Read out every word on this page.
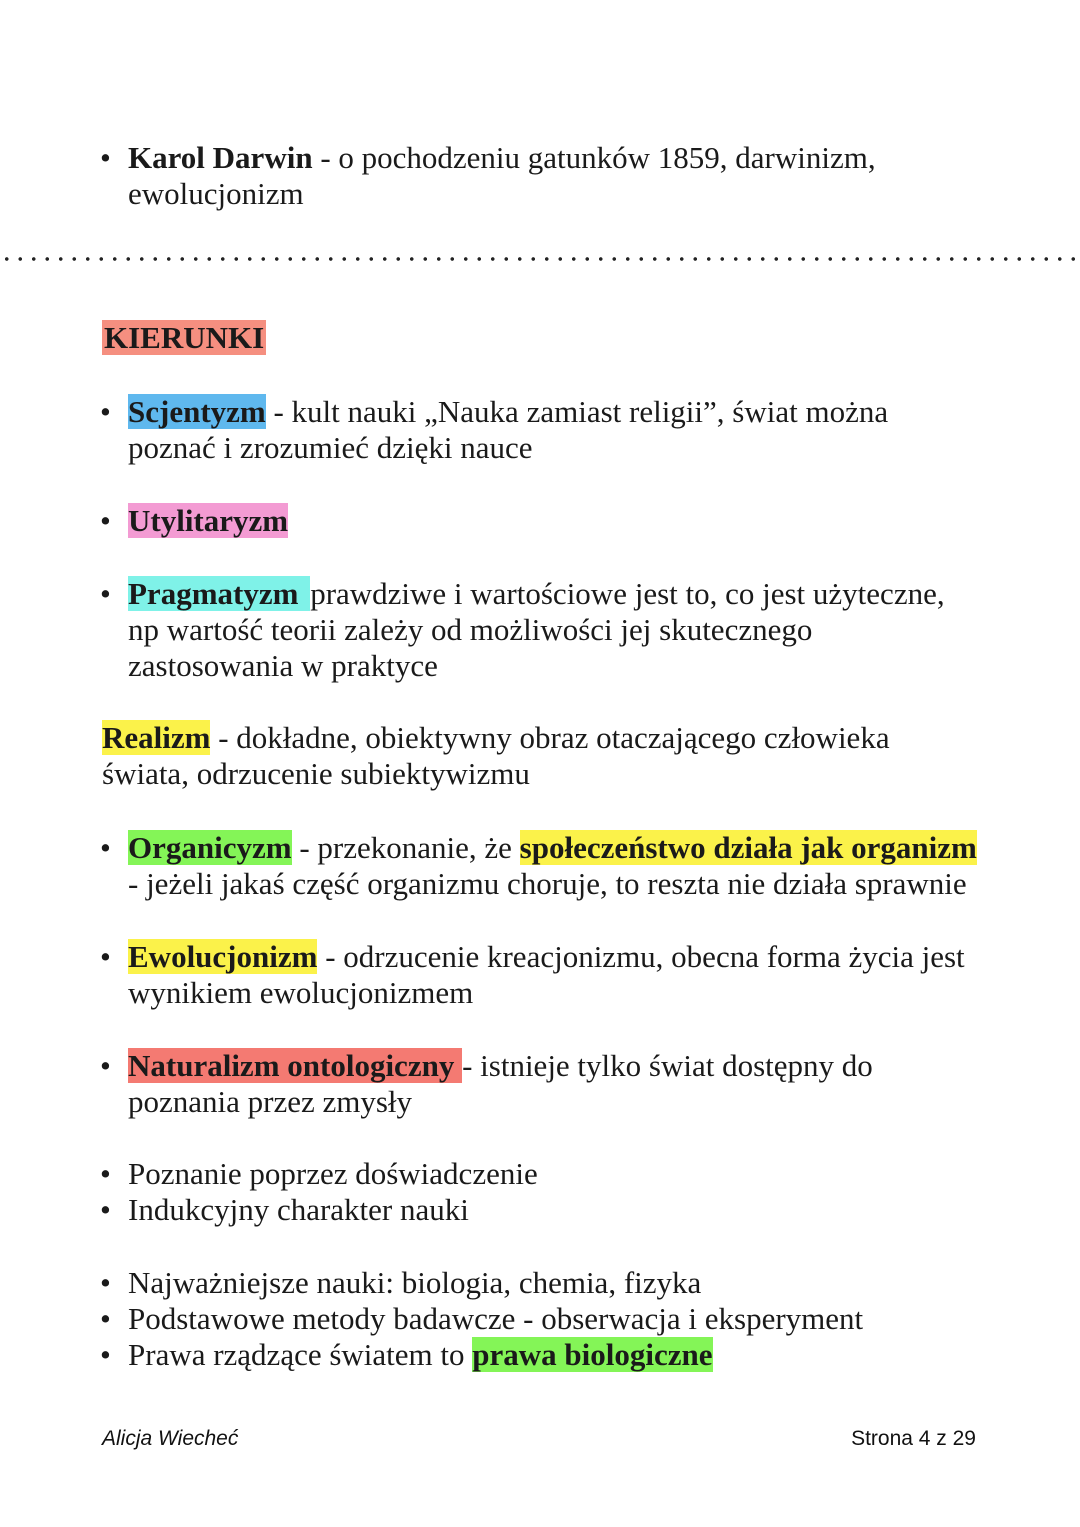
• Karol Darwin - o pochodzeniu gatunków 1859, darwinizm,
ewolucjonizm

KIERUNKI
• Scjentyzm - kult nauki „Nauka zamiast religii”, świat można
poznać i zrozumieć dzięki nauce

• Utylitaryzm

• Pragmatyzm prawdziwe i wartościowe jest to, co jest użyteczne,
np wartość teorii zależy od możliwości jej skutecznego
zastosowania w praktyce

Realizm - dokładne, obiektywny obraz otaczającego człowieka
świata, odrzucenie subiektywizmu

• Organicyzm - przekonanie, że społeczeństwo działa jak organizm
- jeżeli jakaś część organizmu choruje, to reszta nie działa sprawnie

• Ewolucjonizm - odrzucenie kreacjonizmu, obecna forma życia jest
wynikiem ewolucjonizmem

• Naturalizm ontologiczny - istnieje tylko świat dostępny do
poznania przez zmysły

• Poznanie poprzez doświadczenie

• Indukcyjny charakter nauki

• Najważniejsze nauki: biologia, chemia, fizyka

• Podstawowe metody badawcze - obserwacja i eksperyment

• Prawa rządzące światem to prawa biologiczne

Alicja Wiecheć	Strona 4 z 29
